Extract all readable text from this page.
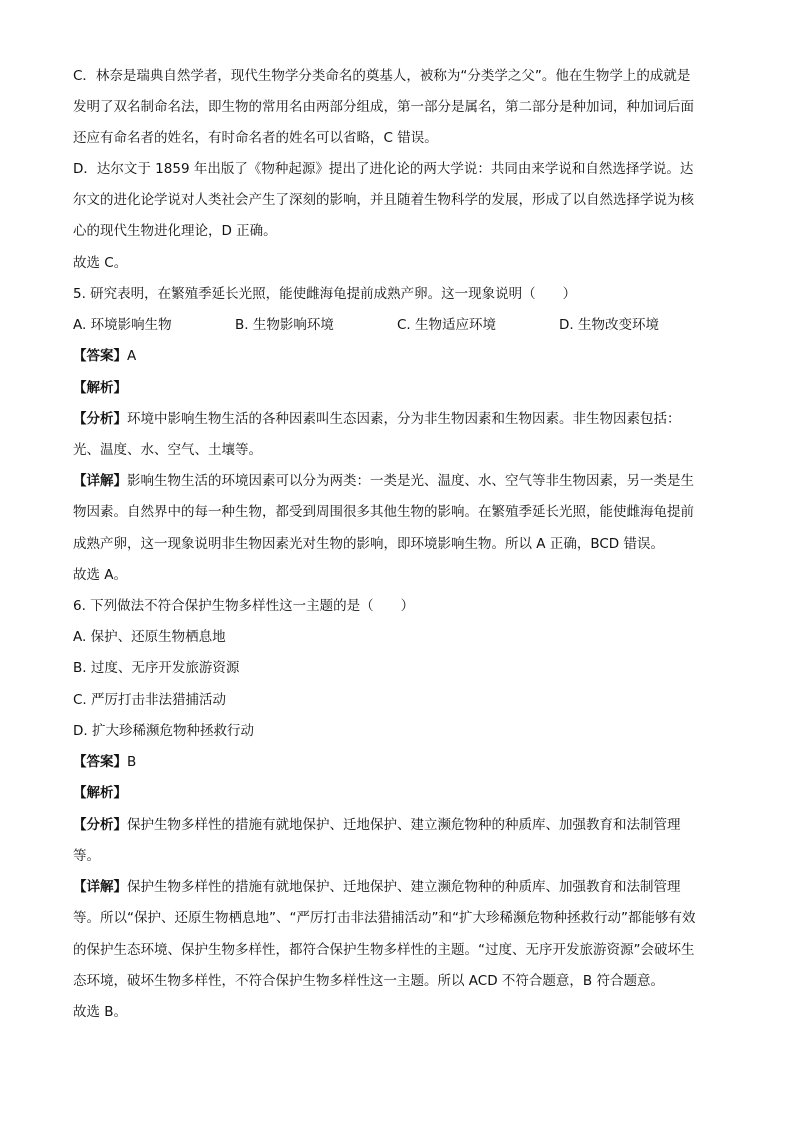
C．林奈是瑞典自然学者，现代生物学分类命名的奠基人，被称为“分类学之父”。他在生物学上的成就是
发明了双名制命名法，即生物的常用名由两部分组成，第一部分是属名，第二部分是种加词，种加词后面
还应有命名者的姓名，有时命名者的姓名可以省略，C 错误。
D．达尔文于 1859 年出版了《物种起源》提出了进化论的两大学说：共同由来学说和自然选择学说。达
尔文的进化论学说对人类社会产生了深刻的影响，并且随着生物科学的发展，形成了以自然选择学说为核
心的现代生物进化理论，D 正确。
故选 C。
5. 研究表明，在繁殖季延长光照，能使雌海龟提前成熟产卵。这一现象说明（　　）
A. 环境影响生物	B. 生物影响环境	C. 生物适应环境	D. 生物改变环境
【答案】A
【解析】
【分析】环境中影响生物生活的各种因素叫生态因素，分为非生物因素和生物因素。非生物因素包括：
光、温度、水、空气、土壤等。
【详解】影响生物生活的环境因素可以分为两类：一类是光、温度、水、空气等非生物因素，另一类是生
物因素。自然界中的每一种生物，都受到周围很多其他生物的影响。在繁殖季延长光照，能使雌海龟提前
成熟产卵，这一现象说明非生物因素光对生物的影响，即环境影响生物。所以 A 正确，BCD 错误。
故选 A。
6. 下列做法不符合保护生物多样性这一主题的是（　　）
A. 保护、还原生物栖息地
B. 过度、无序开发旅游资源
C. 严厉打击非法猎捕活动
D. 扩大珍稀濒危物种拯救行动
【答案】B
【解析】
【分析】保护生物多样性的措施有就地保护、迁地保护、建立濒危物种的种质库、加强教育和法制管理
等。
【详解】保护生物多样性的措施有就地保护、迁地保护、建立濒危物种的种质库、加强教育和法制管理
等。所以“保护、还原生物栖息地”、“严厉打击非法猎捕活动”和“扩大珍稀濒危物种拯救行动”都能够有效
的保护生态环境、保护生物多样性，都符合保护生物多样性的主题。“过度、无序开发旅游资源”会破坏生
态环境，破坏生物多样性，不符合保护生物多样性这一主题。所以 ACD 不符合题意，B 符合题意。
故选 B。
